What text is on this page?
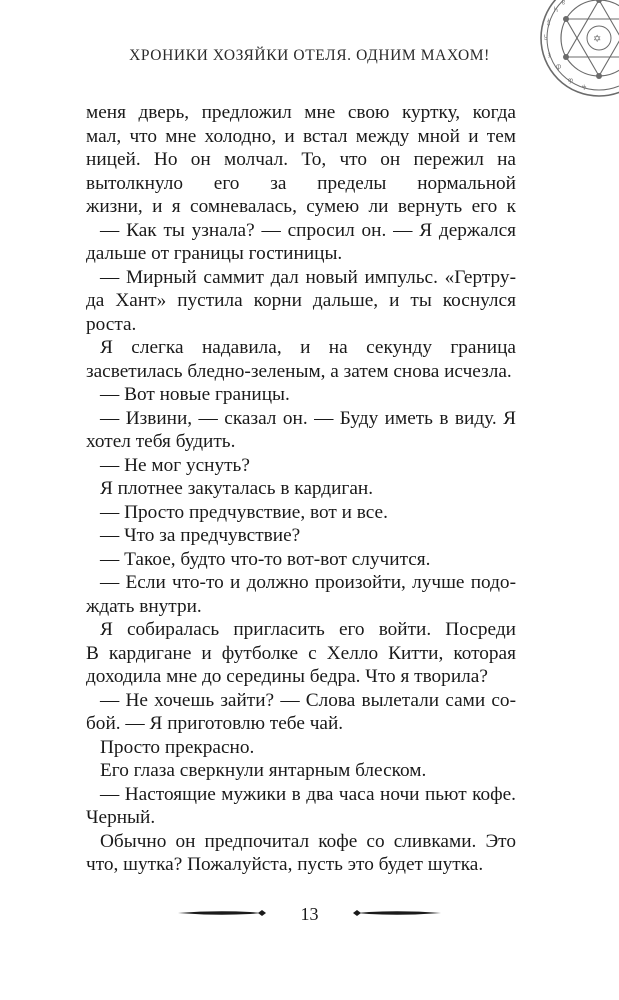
Ⴘ
ჯ
Ⴔ
ჶ
Ⴕ
ჭ
Ⴙ
ჸ
✡
ХРОНИКИ ХОЗЯЙКИ ОТЕЛЯ. ОДНИМ МАХОМ!
меня дверь, предложил мне свою куртку, когда
мал, что мне холодно, и встал между мной и тем
ницей. Но он молчал. То, что он пережил на
вытолкнуло его за пределы нормальной
жизни, и я сомневалась, сумею ли вернуть его к
— Как ты узнала? — спросил он. — Я держался
дальше от границы гостиницы.
— Мирный саммит дал новый импульс. «Гертру-
да Хант» пустила корни дальше, и ты коснулся
роста.
Я слегка надавила, и на секунду граница
засветилась бледно-зеленым, а затем снова исчезла.
— Вот новые границы.
— Извини, — сказал он. — Буду иметь в виду. Я
хотел тебя будить.
— Не мог уснуть?
Я плотнее закуталась в кардиган.
— Просто предчувствие, вот и все.
— Что за предчувствие?
— Такое, будто что-то вот-вот случится.
— Если что-то и должно произойти, лучше подо-
ждать внутри.
Я собиралась пригласить его войти. Посреди
В кардигане и футболке с Хелло Китти, которая
доходила мне до середины бедра. Что я творила?
— Не хочешь зайти? — Слова вылетали сами со-
бой. — Я приготовлю тебе чай.
Просто прекрасно.
Его глаза сверкнули янтарным блеском.
— Настоящие мужики в два часа ночи пьют кофе.
Черный.
Обычно он предпочитал кофе со сливками. Это
что, шутка? Пожалуйста, пусть это будет шутка.
13
